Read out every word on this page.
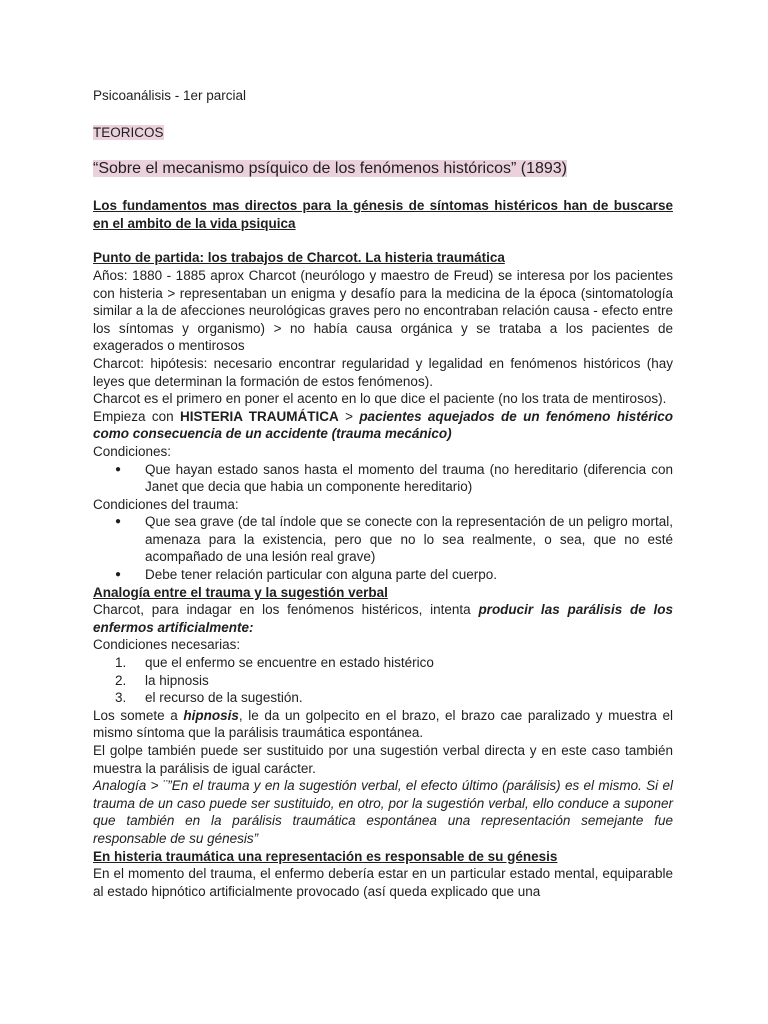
Psicoanálisis - 1er parcial

TEORICOS

“Sobre el mecanismo psíquico de los fenómenos históricos” (1893)

Los fundamentos mas directos para la génesis de síntomas histéricos han de buscarse en el ambito de la vida psiquica

Punto de partida: los trabajos de Charcot. La histeria traumática

Años: 1880 - 1885 aprox Charcot (neurólogo y maestro de Freud) se interesa por los pacientes con histeria > representaban un enigma y desafío para la medicina de la época (sintomatología similar a la de afecciones neurológicas graves pero no encontraban relación causa - efecto entre los síntomas y organismo) > no había causa orgánica y se trataba a los pacientes de exagerados o mentirosos

Charcot: hipótesis: necesario encontrar regularidad y legalidad en fenómenos históricos (hay leyes que determinan la formación de estos fenómenos).

Charcot es el primero en poner el acento en lo que dice el paciente (no los trata de mentirosos).

Empieza con HISTERIA TRAUMÁTICA > pacientes aquejados de un fenómeno histérico como consecuencia de un accidente (trauma mecánico)

Condiciones:

● Que hayan estado sanos hasta el momento del trauma (no hereditario (diferencia con Janet que decia que habia un componente hereditario)

Condiciones del trauma:

● Que sea grave (de tal índole que se conecte con la representación de un peligro mortal, amenaza para la existencia, pero que no lo sea realmente, o sea, que no esté acompañado de una lesión real grave)
● Debe tener relación particular con alguna parte del cuerpo.

Analogía entre el trauma y la sugestión verbal

Charcot, para indagar en los fenómenos histéricos, intenta producir las parálisis de los enfermos artificialmente:

Condiciones necesarias:

que el enfermo se encuentre en estado histérico
la hipnosis
el recurso de la sugestión.

Los somete a hipnosis, le da un golpecito en el brazo, el brazo cae paralizado y muestra el mismo síntoma que la parálisis traumática espontánea.

El golpe también puede ser sustituido por una sugestión verbal directa y en este caso también muestra la parálisis de igual carácter.

Analogía > ¨”En el trauma y en la sugestión verbal, el efecto último (parálisis) es el mismo. Si el trauma de un caso puede ser sustituido, en otro, por la sugestión verbal, ello conduce a suponer que también en la parálisis traumática espontánea una representación semejante fue responsable de su génesis”

En histeria traumática una representación es responsable de su génesis

En el momento del trauma, el enfermo debería estar en un particular estado mental, equiparable al estado hipnótico artificialmente provocado (así queda explicado que una
